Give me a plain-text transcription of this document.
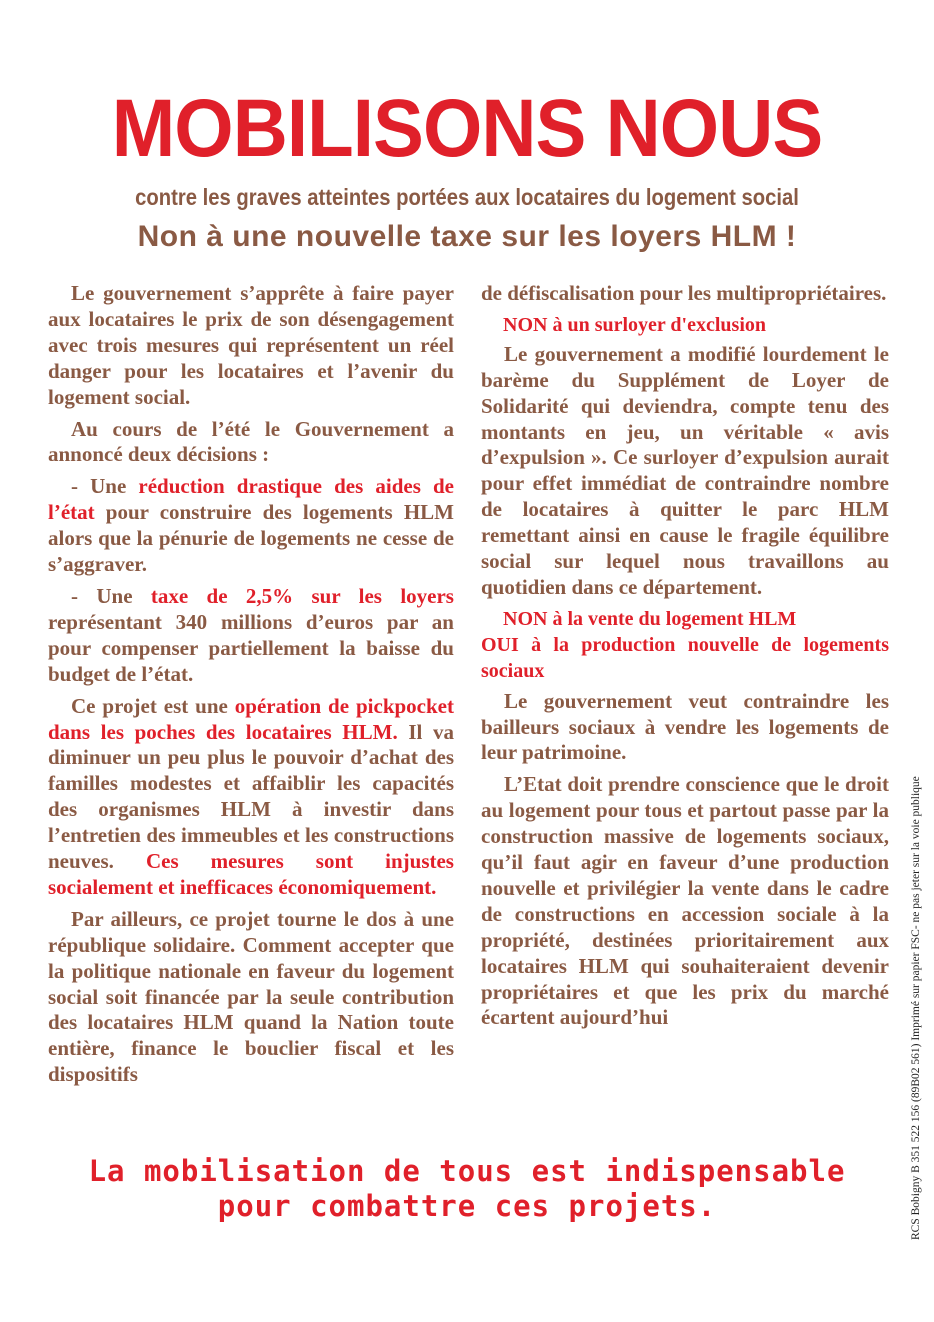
MOBILISONS NOUS
contre les graves atteintes portées aux locataires du logement social
Non à une nouvelle taxe sur les loyers HLM !

Le gouvernement s’apprête à faire payer aux locataires le prix de son désengagement avec trois mesures qui représentent un réel danger pour les locataires et l’avenir du logement social.

Au cours de l’été le Gouvernement a annoncé deux décisions :

- Une réduction drastique des aides de l’état pour construire des logements HLM alors que la pénurie de logements ne cesse de s’aggraver.

- Une taxe de 2,5% sur les loyers représentant 340 millions d’euros par an pour compenser partiellement la baisse du budget de l’état.

Ce projet est une opération de pickpocket dans les poches des locataires HLM. Il va diminuer un peu plus le pouvoir d’achat des familles modestes et affaiblir les capacités des organismes HLM à investir dans l’entretien des immeubles et les constructions neuves. Ces mesures sont injustes socialement et inefficaces économiquement.

Par ailleurs, ce projet tourne le dos à une république solidaire. Comment accepter que la politique nationale en faveur du logement social soit financée par la seule contribution des locataires HLM quand la Nation toute entière, finance le bouclier fiscal et les dispositifs

de défiscalisation pour les multipropriétaires.

NON à un surloyer d'exclusion

Le gouvernement a modifié lourdement le barème du Supplément de Loyer de Solidarité qui deviendra, compte tenu des montants en jeu, un véritable « avis d’expulsion ». Ce surloyer d’expulsion aurait pour effet immédiat de contraindre nombre de locataires à quitter le parc HLM remettant ainsi en cause le fragile équilibre social sur lequel nous travaillons au quotidien dans ce département.

NON à la vente du logement HLM
OUI à la production nouvelle de logements sociaux

Le gouvernement veut contraindre les bailleurs sociaux à vendre les logements de leur patrimoine.

L’Etat doit prendre conscience que le droit au logement pour tous et partout passe par la construction massive de logements sociaux, qu’il faut agir en faveur d’une production nouvelle et privilégier la vente dans le cadre de constructions en accession sociale à la propriété, destinées prioritairement aux locataires HLM qui souhaiteraient devenir propriétaires et que les prix du marché écartent aujourd’hui

La mobilisation de tous est indispensable
pour combattre ces projets.	RCS Bobigny B 351 522 156 (89B02 561) Imprimé sur papier FSC- ne pas jeter sur la voie publique
